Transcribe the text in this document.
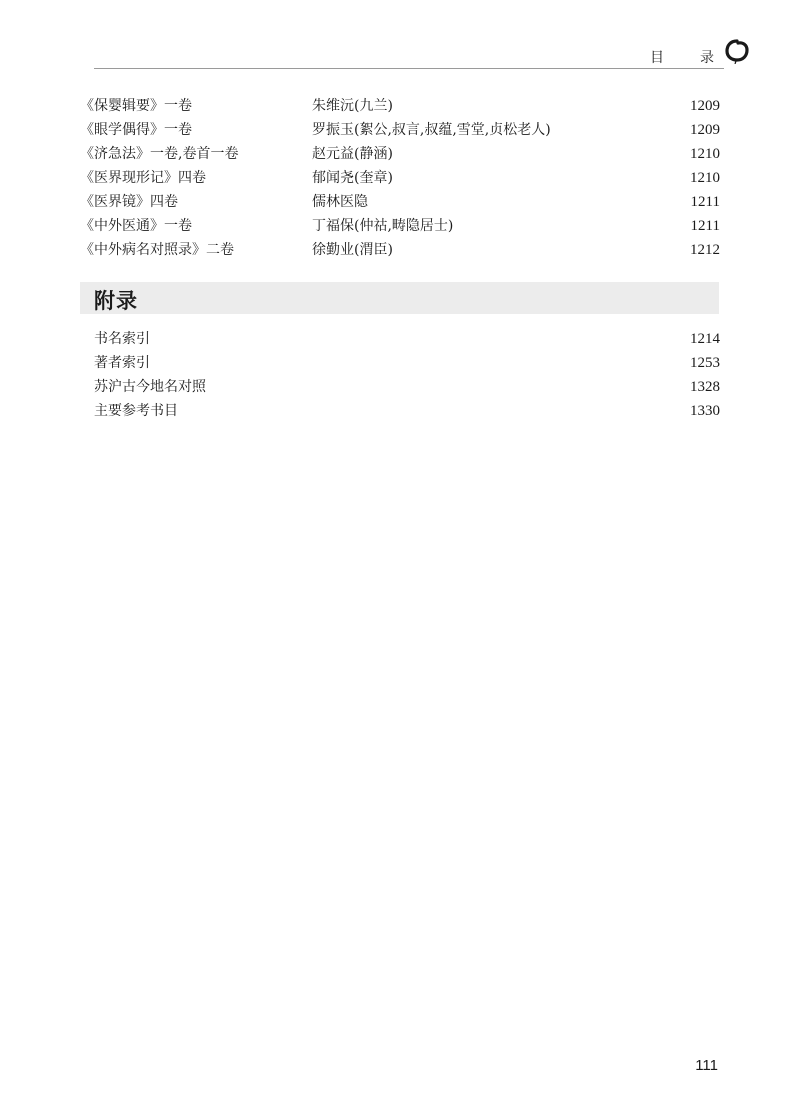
目	录
《保婴辑要》一卷	朱维沅(九兰)	1209
《眼学偶得》一卷	罗振玉(絮公,叔言,叔蕴,雪堂,贞松老人)	1209
《济急法》一卷,卷首一卷	赵元益(静涵)	1210
《医界现形记》四卷	郁闻尧(奎章)	1210
《医界镜》四卷	儒林医隐	1211
《中外医通》一卷	丁福保(仲祜,畴隐居士)	1211
《中外病名对照录》二卷	徐勤业(渭臣)	1212
附录
书名索引	1214
著者索引	1253
苏沪古今地名对照	1328
主要参考书目	1330
111
